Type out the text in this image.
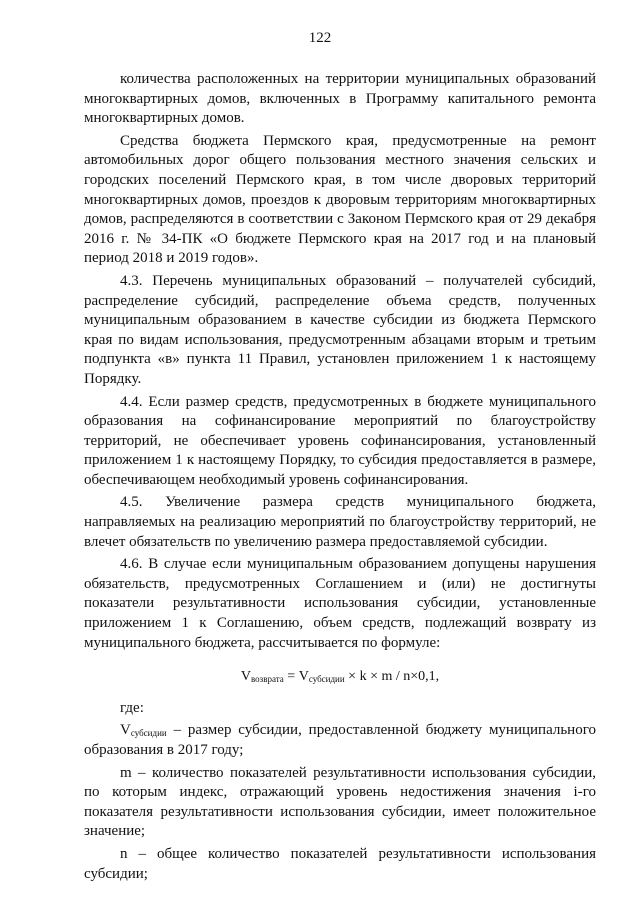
122

количества расположенных на территории муниципальных образований многоквартирных домов, включенных в Программу капитального ремонта многоквартирных домов.

Средства бюджета Пермского края, предусмотренные на ремонт автомобильных дорог общего пользования местного значения сельских и городских поселений Пермского края, в том числе дворовых территорий многоквартирных домов, проездов к дворовым территориям многоквартирных домов, распределяются в соответствии с Законом Пермского края от 29 декабря 2016 г. № 34-ПК «О бюджете Пермского края на 2017 год и на плановый период 2018 и 2019 годов».

4.3. Перечень муниципальных образований – получателей субсидий, распределение субсидий, распределение объема средств, полученных муниципальным образованием в качестве субсидии из бюджета Пермского края по видам использования, предусмотренным абзацами вторым и третьим подпункта «в» пункта 11 Правил, установлен приложением 1 к настоящему Порядку.

4.4. Если размер средств, предусмотренных в бюджете муниципального образования на софинансирование мероприятий по благоустройству территорий, не обеспечивает уровень софинансирования, установленный приложением 1 к настоящему Порядку, то субсидия предоставляется в размере, обеспечивающем необходимый уровень софинансирования.

4.5. Увеличение размера средств муниципального бюджета, направляемых на реализацию мероприятий по благоустройству территорий, не влечет обязательств по увеличению размера предоставляемой субсидии.

4.6. В случае если муниципальным образованием допущены нарушения обязательств, предусмотренных Соглашением и (или) не достигнуты показатели результативности использования субсидии, установленные приложением 1 к Соглашению, объем средств, подлежащий возврату из муниципального бюджета, рассчитывается по формуле:

$V_{возврата} = V_{субсидии} \times k \times m / n\times 0,1$,

где:

$V_{субсидии}$ – размер субсидии, предоставленной бюджету муниципального образования в 2017 году;

m – количество показателей результативности использования субсидии, по которым индекс, отражающий уровень недостижения значения i-го показателя результативности использования субсидии, имеет положительное значение;

n – общее количество показателей результативности использования субсидии;
